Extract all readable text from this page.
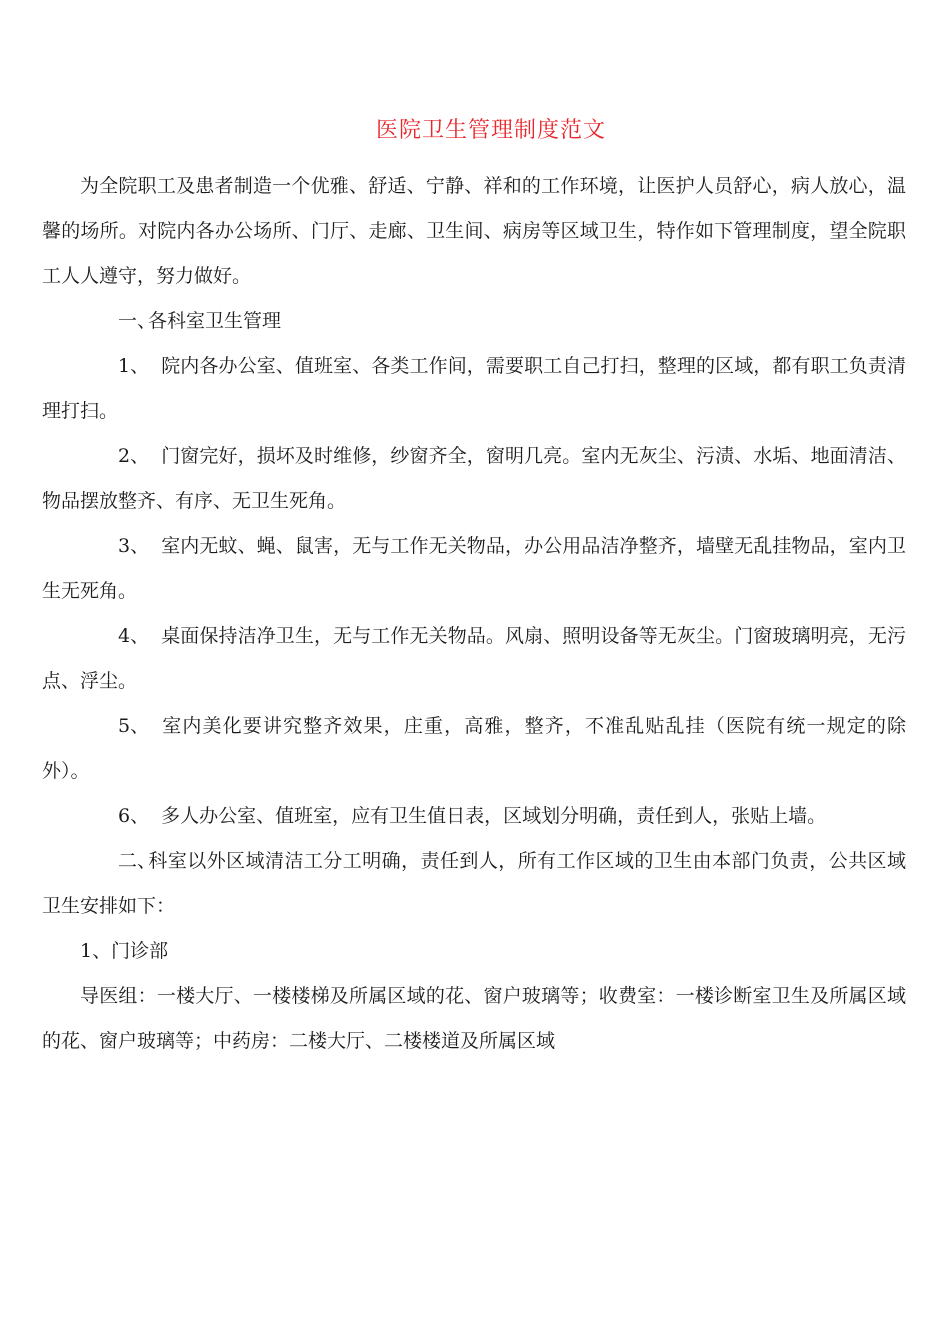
医院卫生管理制度范文

为全院职工及患者制造一个优雅、舒适、宁静、祥和的工作环境，让医护人员舒心，病人放心，温馨的场所。对院内各办公场所、门厅、走廊、卫生间、病房等区域卫生，特作如下管理制度，望全院职工人人遵守，努力做好。

一、各科室卫生管理

1、 院内各办公室、值班室、各类工作间，需要职工自己打扫，整理的区域，都有职工负责清理打扫。

2、 门窗完好，损坏及时维修，纱窗齐全，窗明几亮。室内无灰尘、污渍、水垢、地面清洁、物品摆放整齐、有序、无卫生死角。

3、 室内无蚊、蝇、鼠害，无与工作无关物品，办公用品洁净整齐，墙壁无乱挂物品，室内卫生无死角。

4、 桌面保持洁净卫生，无与工作无关物品。风扇、照明设备等无灰尘。门窗玻璃明亮，无污点、浮尘。

5、 室内美化要讲究整齐效果，庄重，高雅，整齐，不准乱贴乱挂（医院有统一规定的除外）。

6、 多人办公室、值班室，应有卫生值日表，区域划分明确，责任到人，张贴上墙。

二、科室以外区域清洁工分工明确，责任到人，所有工作区域的卫生由本部门负责，公共区域卫生安排如下：

1、门诊部

导医组：一楼大厅、一楼楼梯及所属区域的花、窗户玻璃等；收费室：一楼诊断室卫生及所属区域的花、窗户玻璃等；中药房：二楼大厅、二楼楼道及所属区域
